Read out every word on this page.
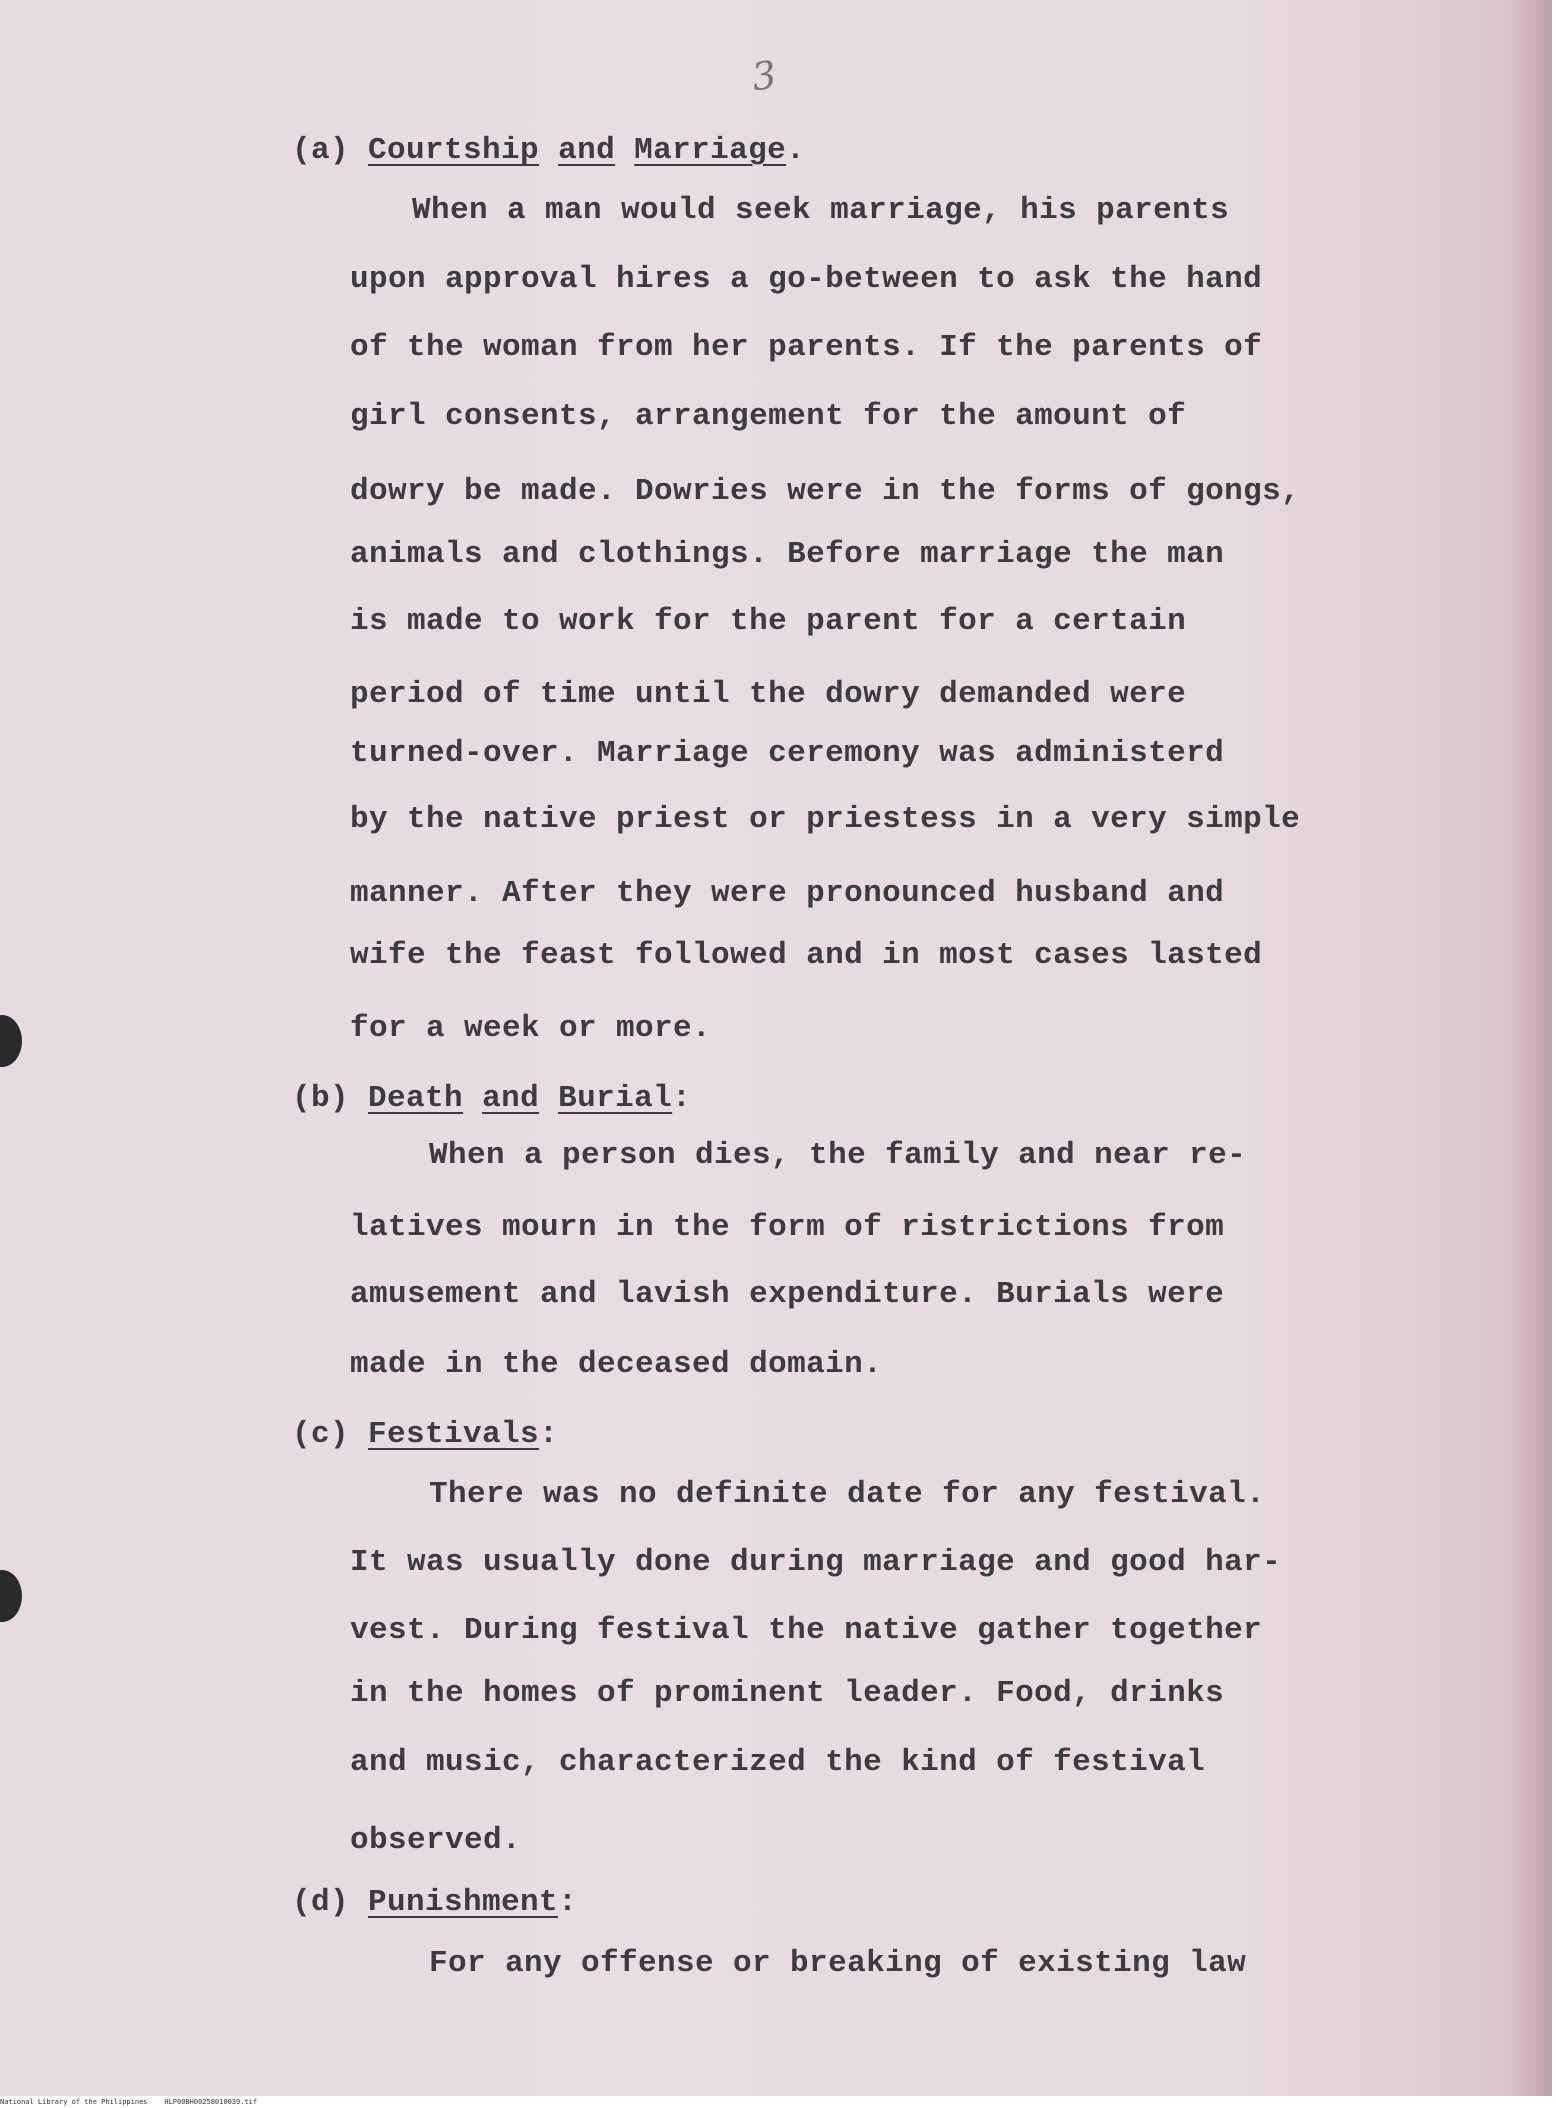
3
(a) Courtship and Marriage.
When a man would seek marriage, his parents
upon approval hires a go-between to ask the hand
of the woman from her parents. If the parents of
girl consents, arrangement for the amount of
dowry be made. Dowries were in the forms of gongs,
animals and clothings. Before marriage the man
is made to work for the parent for a certain
period of time until the dowry demanded were
turned-over. Marriage ceremony was administerd
by the native priest or priestess in a very simple
manner. After they were pronounced husband and
wife the feast followed and in most cases lasted
for a week or more.
(b) Death and Burial:
When a person dies, the family and near re-
latives mourn in the form of ristrictions from
amusement and lavish expenditure. Burials were
made in the deceased domain.
(c) Festivals:
There was no definite date for any festival.
It was usually done during marriage and good har-
vest. During festival the native gather together
in the homes of prominent leader. Food, drinks
and music, characterized the kind of festival
observed.
(d) Punishment:
For any offense or breaking of existing law
National Library of the Philippines    HLP00BH00258010039.tif
